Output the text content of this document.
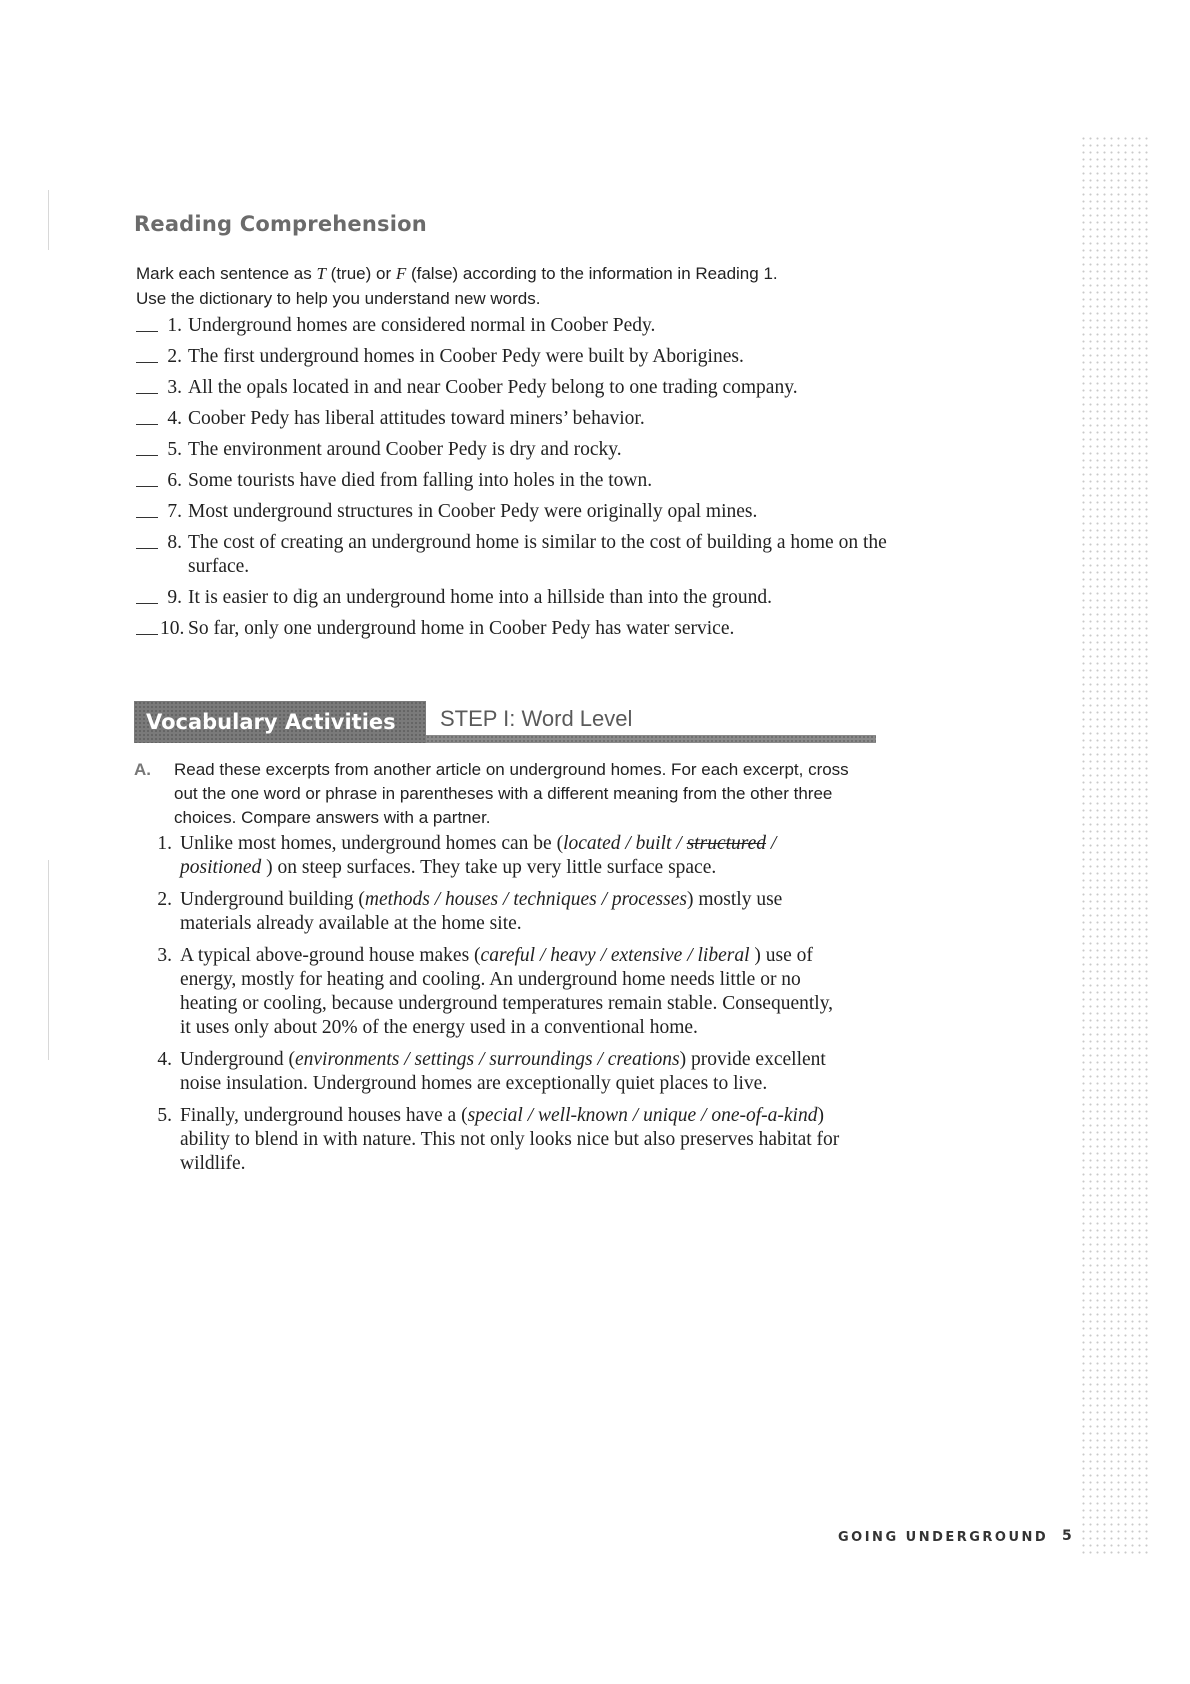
Reading Comprehension
Mark each sentence as T (true) or F (false) according to the information in Reading 1.
Use the dictionary to help you understand new words.
1. Underground homes are considered normal in Coober Pedy.
2. The first underground homes in Coober Pedy were built by Aborigines.
3. All the opals located in and near Coober Pedy belong to one trading company.
4. Coober Pedy has liberal attitudes toward miners’ behavior.
5. The environment around Coober Pedy is dry and rocky.
6. Some tourists have died from falling into holes in the town.
7. Most underground structures in Coober Pedy were originally opal mines.
8. The cost of creating an underground home is similar to the cost of building a home on the surface.
9. It is easier to dig an underground home into a hillside than into the ground.
10. So far, only one underground home in Coober Pedy has water service.
Vocabulary Activities	STEP I: Word Level
A. Read these excerpts from another article on underground homes. For each excerpt, cross out the one word or phrase in parentheses with a different meaning from the other three choices. Compare answers with a partner.
1. Unlike most homes, underground homes can be (located / built / structured / positioned ) on steep surfaces. They take up very little surface space.
2. Underground building (methods / houses / techniques / processes) mostly use materials already available at the home site.
3. A typical above-ground house makes (careful / heavy / extensive / liberal ) use of energy, mostly for heating and cooling. An underground home needs little or no heating or cooling, because underground temperatures remain stable. Consequently, it uses only about 20% of the energy used in a conventional home.
4. Underground (environments / settings / surroundings / creations) provide excellent noise insulation. Underground homes are exceptionally quiet places to live.
5. Finally, underground houses have a (special / well-known / unique / one-of-a-kind) ability to blend in with nature. This not only looks nice but also preserves habitat for wildlife.
GOING UNDERGROUND 5
